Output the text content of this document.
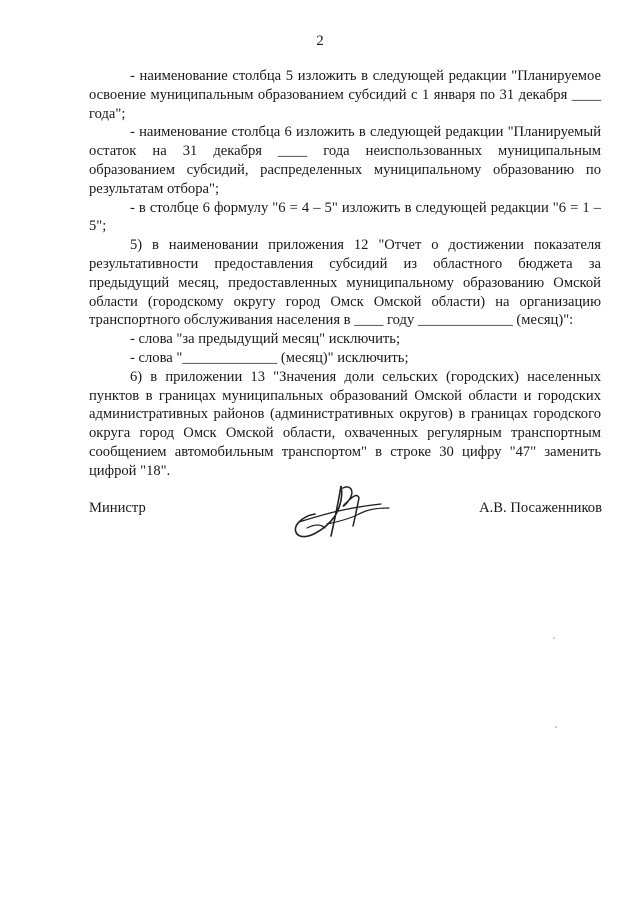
2

- наименование столбца 5 изложить в следующей редакции "Планируемое освоение муниципальным образованием субсидий с 1 января по 31 декабря ____ года";

- наименование столбца 6 изложить в следующей редакции "Планируемый остаток на 31 декабря ____ года неиспользованных муниципальным образованием субсидий, распределенных муниципальному образованию по результатам отбора";

- в столбце 6 формулу "6 = 4 – 5" изложить в следующей редакции "6 = 1 – 5";

5) в наименовании приложения 12 "Отчет о достижении показателя результативности предоставления субсидий из областного бюджета за предыдущий месяц, предоставленных муниципальному образованию Омской области (городскому округу город Омск Омской области) на организацию транспортного обслуживания населения в ____ году _____________ (месяц)":

- слова "за предыдущий месяц" исключить;

- слова "_____________ (месяц)" исключить;

6) в приложении 13 "Значения доли сельских (городских) населенных пунктов в границах муниципальных образований Омской области и городских административных районов (административных округов) в границах городского округа город Омск Омской области, охваченных регулярным транспортным сообщением автомобильным транспортом" в строке 30 цифру "47" заменить цифрой "18".

Министр	А.В. Посаженников
